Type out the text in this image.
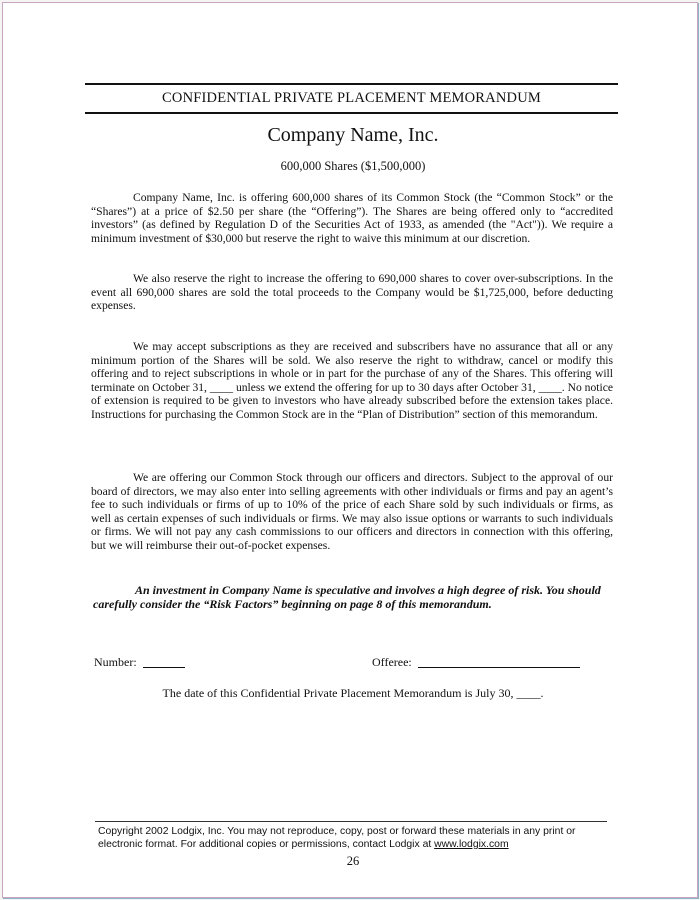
CONFIDENTIAL PRIVATE PLACEMENT MEMORANDUM
Company Name, Inc.
600,000 Shares ($1,500,000)

Company Name, Inc. is offering 600,000 shares of its Common Stock (the “Common Stock” or the “Shares”) at a price of $2.50 per share (the “Offering”). The Shares are being offered only to “accredited investors” (as defined by Regulation D of the Securities Act of 1933, as amended (the "Act")). We require a minimum investment of $30,000 but reserve the right to waive this minimum at our discretion.

We also reserve the right to increase the offering to 690,000 shares to cover over-subscriptions. In the event all 690,000 shares are sold the total proceeds to the Company would be $1,725,000, before deducting expenses.

We may accept subscriptions as they are received and subscribers have no assurance that all or any minimum portion of the Shares will be sold. We also reserve the right to withdraw, cancel or modify this offering and to reject subscriptions in whole or in part for the purchase of any of the Shares. This offering will terminate on October 31, ____ unless we extend the offering for up to 30 days after October 31, ____. No notice of extension is required to be given to investors who have already subscribed before the extension takes place. Instructions for purchasing the Common Stock are in the “Plan of Distribution” section of this memorandum.

We are offering our Common Stock through our officers and directors. Subject to the approval of our board of directors, we may also enter into selling agreements with other individuals or firms and pay an agent’s fee to such individuals or firms of up to 10% of the price of each Share sold by such individuals or firms, as well as certain expenses of such individuals or firms. We may also issue options or warrants to such individuals or firms. We will not pay any cash commissions to our officers and directors in connection with this offering, but we will reimburse their out-of-pocket expenses.

An investment in Company Name is speculative and involves a high degree of risk. You should carefully consider the “Risk Factors” beginning on page 8 of this memorandum.

Number:	Offeree:
The date of this Confidential Private Placement Memorandum is July 30, ____.
Copyright 2002 Lodgix, Inc. You may not reproduce, copy, post or forward these materials in any print or electronic format. For additional copies or permissions, contact Lodgix at www.lodgix.com
26
